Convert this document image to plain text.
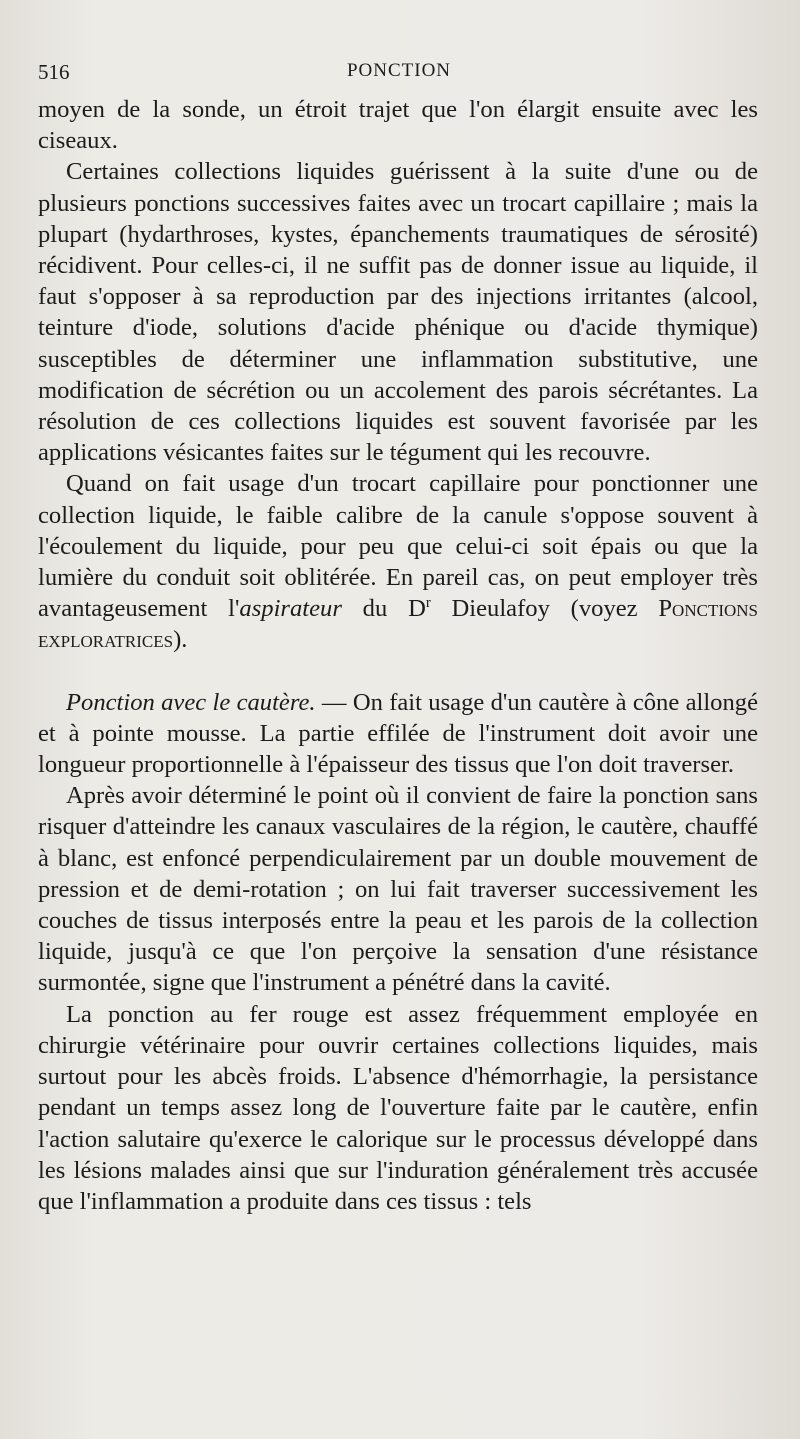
516	PONCTION

moyen de la sonde, un étroit trajet que l'on élargit ensuite avec les ciseaux.

Certaines collections liquides guérissent à la suite d'une ou de plusieurs ponctions successives faites avec un trocart capillaire ; mais la plupart (hydarthroses, kystes, épanchements traumatiques de sérosité) récidivent. Pour celles-ci, il ne suffit pas de donner issue au liquide, il faut s'opposer à sa reproduction par des injections irritantes (alcool, teinture d'iode, solutions d'acide phénique ou d'acide thymique) susceptibles de déterminer une inflammation substitutive, une modification de sécrétion ou un accolement des parois sécrétantes. La résolution de ces collections liquides est souvent favorisée par les applications vésicantes faites sur le tégument qui les recouvre.

Quand on fait usage d'un trocart capillaire pour ponctionner une collection liquide, le faible calibre de la canule s'oppose souvent à l'écoulement du liquide, pour peu que celui-ci soit épais ou que la lumière du conduit soit oblitérée. En pareil cas, on peut employer très avantageusement l'aspirateur du $D^r$ Dieulafoy (voyez Ponctions exploratrices).

Ponction avec le cautère. — On fait usage d'un cautère à cône allongé et à pointe mousse. La partie effilée de l'instrument doit avoir une longueur proportionnelle à l'épaisseur des tissus que l'on doit traverser.

Après avoir déterminé le point où il convient de faire la ponction sans risquer d'atteindre les canaux vasculaires de la région, le cautère, chauffé à blanc, est enfoncé perpendiculairement par un double mouvement de pression et de demi-rotation ; on lui fait traverser successivement les couches de tissus interposés entre la peau et les parois de la collection liquide, jusqu'à ce que l'on perçoive la sensation d'une résistance surmontée, signe que l'instrument a pénétré dans la cavité.

La ponction au fer rouge est assez fréquemment employée en chirurgie vétérinaire pour ouvrir certaines collections liquides, mais surtout pour les abcès froids. L'absence d'hémorrhagie, la persistance pendant un temps assez long de l'ouverture faite par le cautère, enfin l'action salutaire qu'exerce le calorique sur le processus développé dans les lésions malades ainsi que sur l'induration généralement très accusée que l'inflammation a produite dans ces tissus : tels
